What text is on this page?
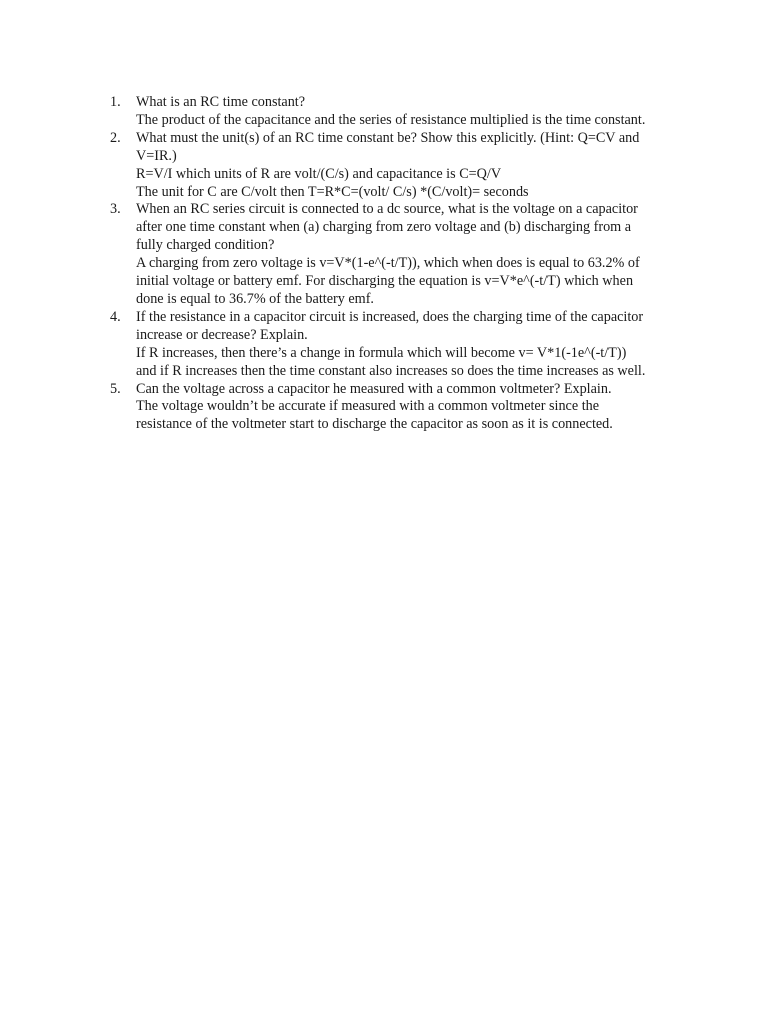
1.	What is an RC time constant?
The product of the capacitance and the series of resistance multiplied is the time constant.
2.	What must the unit(s) of an RC time constant be? Show this explicitly. (Hint: Q=CV and
V=IR.)
R=V/I which units of R are volt/(C/s) and capacitance is C=Q/V
The unit for C are C/volt then T=R*C=(volt/ C/s) *(C/volt)= seconds
3.	When an RC series circuit is connected to a dc source, what is the voltage on a capacitor
after one time constant when (a) charging from zero voltage and (b) discharging from a
fully charged condition?
A charging from zero voltage is v=V*(1-e^(-t/T)), which when does is equal to 63.2% of
initial voltage or battery emf. For discharging the equation is v=V*e^(-t/T) which when
done is equal to 36.7% of the battery emf.
4.	If the resistance in a capacitor circuit is increased, does the charging time of the capacitor
increase or decrease? Explain.
If R increases, then there’s a change in formula which will become v= V*1(-1e^(-t/T))
and if R increases then the time constant also increases so does the time increases as well.
5.	Can the voltage across a capacitor he measured with a common voltmeter? Explain.
The voltage wouldn’t be accurate if measured with a common voltmeter since the
resistance of the voltmeter start to discharge the capacitor as soon as it is connected.
